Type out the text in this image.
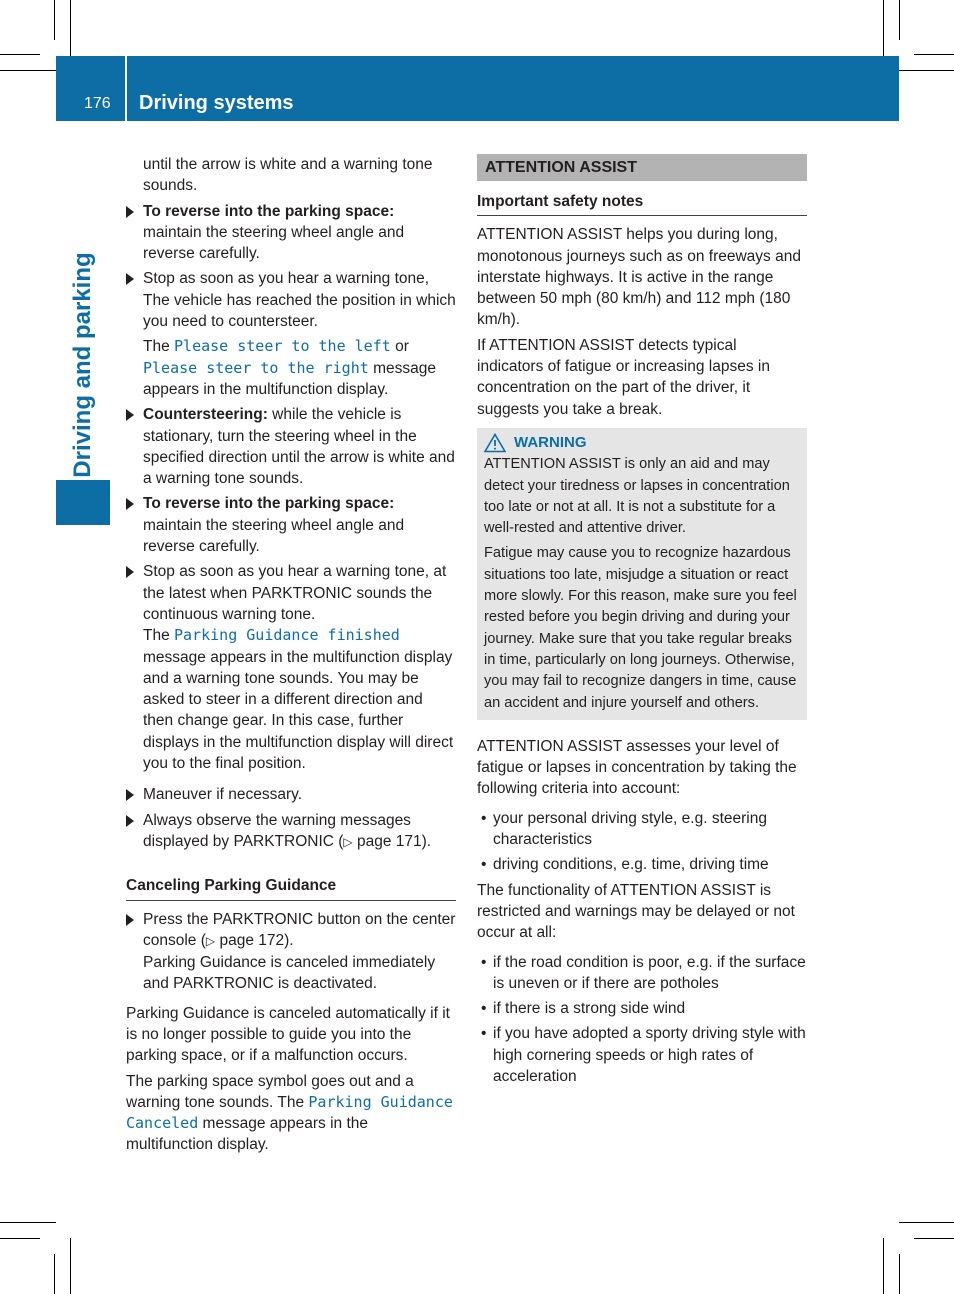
176 Driving systems
Driving and parking

until the arrow is white and a warning tone sounds.

To reverse into the parking space: maintain the steering wheel angle and reverse carefully.
Stop as soon as you hear a warning tone, The vehicle has reached the position in which you need to countersteer.

The Please steer to the left or Please steer to the right message appears in the multifunction display.

Countersteering: while the vehicle is stationary, turn the steering wheel in the specified direction until the arrow is white and a warning tone sounds.
To reverse into the parking space: maintain the steering wheel angle and reverse carefully.
Stop as soon as you hear a warning tone, at the latest when PARKTRONIC sounds the continuous warning tone.
The Parking Guidance finished message appears in the multifunction display and a warning tone sounds. You may be asked to steer in a different direction and then change gear. In this case, further displays in the multifunction display will direct you to the final position.
Maneuver if necessary.
Always observe the warning messages displayed by PARKTRONIC (▷ page 171).
Canceling Parking Guidance
Press the PARKTRONIC button on the center console (▷ page 172).
Parking Guidance is canceled immediately and PARKTRONIC is deactivated.

Parking Guidance is canceled automatically if it is no longer possible to guide you into the parking space, or if a malfunction occurs.

The parking space symbol goes out and a warning tone sounds. The Parking Guidance Canceled message appears in the multifunction display.

ATTENTION ASSIST
Important safety notes

ATTENTION ASSIST helps you during long, monotonous journeys such as on freeways and interstate highways. It is active in the range between 50 mph (80 km/h) and 112 mph (180 km/h).

If ATTENTION ASSIST detects typical indicators of fatigue or increasing lapses in concentration on the part of the driver, it suggests you take a break.

WARNING

ATTENTION ASSIST is only an aid and may detect your tiredness or lapses in concentration too late or not at all. It is not a substitute for a well-rested and attentive driver.

Fatigue may cause you to recognize hazardous situations too late, misjudge a situation or react more slowly. For this reason, make sure you feel rested before you begin driving and during your journey. Make sure that you take regular breaks in time, particularly on long journeys. Otherwise, you may fail to recognize dangers in time, cause an accident and injure yourself and others.

ATTENTION ASSIST assesses your level of fatigue or lapses in concentration by taking the following criteria into account:

• your personal driving style, e.g. steering characteristics
• driving conditions, e.g. time, driving time

The functionality of ATTENTION ASSIST is restricted and warnings may be delayed or not occur at all:

• if the road condition is poor, e.g. if the surface is uneven or if there are potholes
• if there is a strong side wind
• if you have adopted a sporty driving style with high cornering speeds or high rates of acceleration
